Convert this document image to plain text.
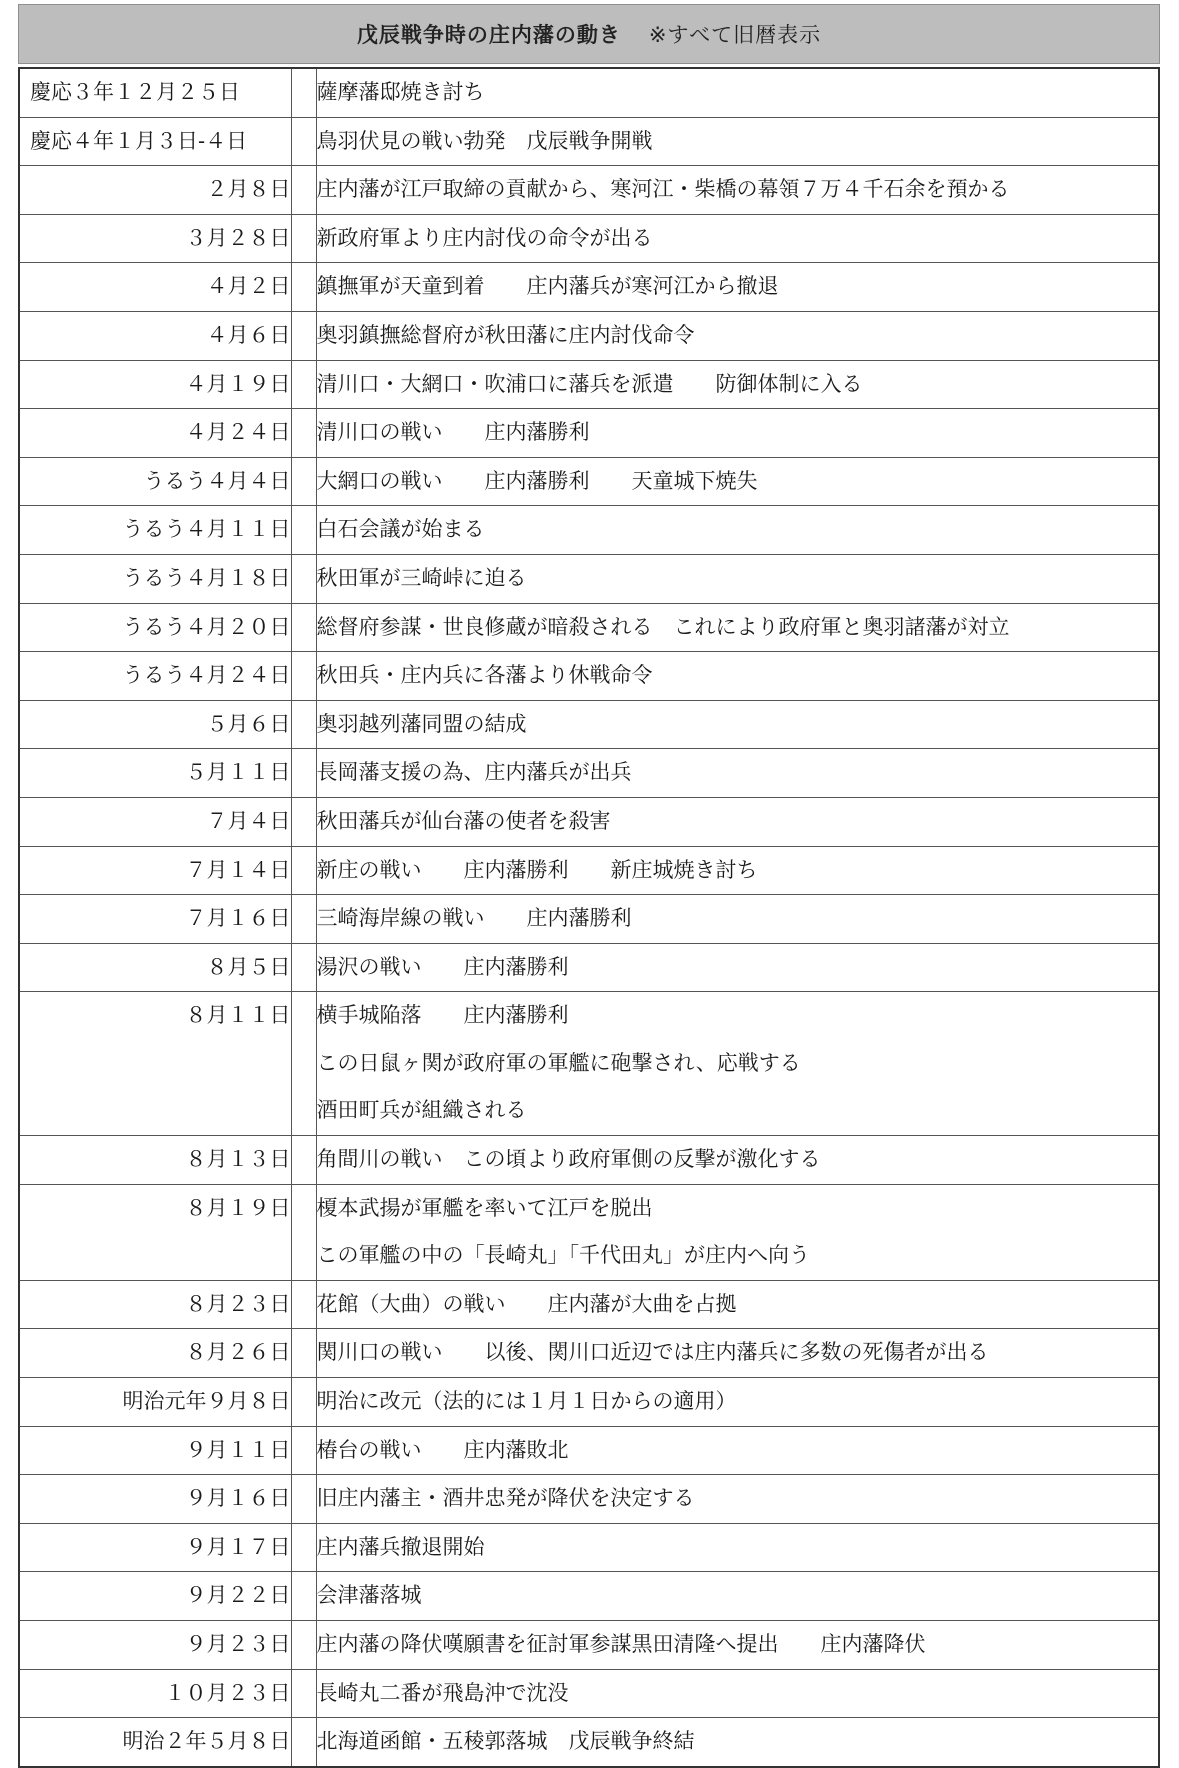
戊辰戦争時の庄内藩の動き ※すべて旧暦表示
慶応３年１２月２５日		薩摩藩邸焼き討ち

慶応４年１月３日-４日		鳥羽伏見の戦い勃発　戊辰戦争開戦

２月８日		庄内藩が江戸取締の貢献から、寒河江・柴橋の幕領７万４千石余を預かる

３月２８日		新政府軍より庄内討伐の命令が出る

４月２日		鎮撫軍が天童到着　　庄内藩兵が寒河江から撤退

４月６日		奥羽鎮撫総督府が秋田藩に庄内討伐命令

４月１９日		清川口・大網口・吹浦口に藩兵を派遣　　防御体制に入る

４月２４日		清川口の戦い　　庄内藩勝利

うるう４月４日		大網口の戦い　　庄内藩勝利　　天童城下焼失

うるう４月１１日		白石会議が始まる

うるう４月１８日		秋田軍が三崎峠に迫る

うるう４月２０日		総督府参謀・世良修蔵が暗殺される　これにより政府軍と奥羽諸藩が対立

うるう４月２４日		秋田兵・庄内兵に各藩より休戦命令

５月６日		奥羽越列藩同盟の結成

５月１１日		長岡藩支援の為、庄内藩兵が出兵

７月４日		秋田藩兵が仙台藩の使者を殺害

７月１４日		新庄の戦い　　庄内藩勝利　　新庄城焼き討ち

７月１６日		三崎海岸線の戦い　　庄内藩勝利

８月５日		湯沢の戦い　　庄内藩勝利

８月１１日		横手城陥落　　庄内藩勝利
この日鼠ヶ関が政府軍の軍艦に砲撃され、応戦する
酒田町兵が組織される

８月１３日		角間川の戦い　この頃より政府軍側の反撃が激化する

８月１９日		榎本武揚が軍艦を率いて江戸を脱出
この軍艦の中の「長崎丸」「千代田丸」が庄内へ向う

８月２３日		花館（大曲）の戦い　　庄内藩が大曲を占拠

８月２６日		関川口の戦い　　以後、関川口近辺では庄内藩兵に多数の死傷者が出る

明治元年９月８日		明治に改元（法的には１月１日からの適用）

９月１１日		椿台の戦い　　庄内藩敗北

９月１６日		旧庄内藩主・酒井忠発が降伏を決定する

９月１７日		庄内藩兵撤退開始

９月２２日		会津藩落城

９月２３日		庄内藩の降伏嘆願書を征討軍参謀黒田清隆へ提出　　庄内藩降伏

１０月２３日		長崎丸二番が飛島沖で沈没

明治２年５月８日		北海道函館・五稜郭落城　戊辰戦争終結
